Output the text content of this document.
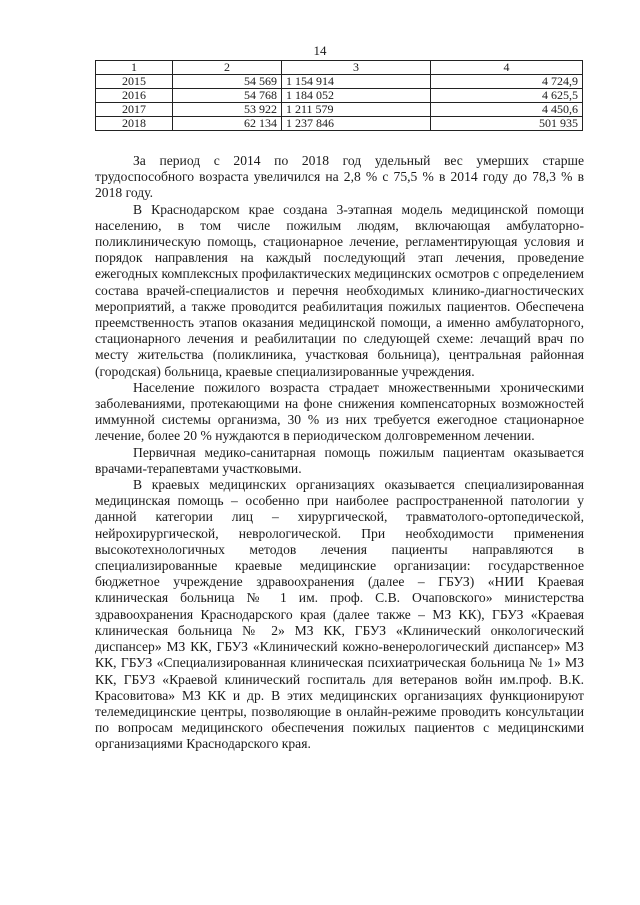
14
1	2	3	4
2015	54 569	1 154 914	4 724,9
2016	54 768	1 184 052	4 625,5
2017	53 922	1 211 579	4 450,6
2018	62 134	1 237 846	501 935

За период с 2014 по 2018 год удельный вес умерших старше трудоспособного возраста увеличился на 2,8 % с 75,5 % в 2014 году до 78,3 % в 2018 году.

В Краснодарском крае создана 3-этапная модель медицинской помощи населению, в том числе пожилым людям, включающая амбулаторно-поликлиническую помощь, стационарное лечение, регламентирующая условия и порядок направления на каждый последующий этап лечения, проведение ежегодных комплексных профилактических медицинских осмотров с определением состава врачей-специалистов и перечня необходимых клинико-диагностических мероприятий, а также проводится реабилитация пожилых пациентов. Обеспечена преемственность этапов оказания медицинской помощи, а именно амбулаторного, стационарного лечения и реабилитации по следующей схеме: лечащий врач по месту жительства (поликлиника, участковая больница), центральная районная (городская) больница, краевые специализированные учреждения.

Население пожилого возраста страдает множественными хроническими заболеваниями, протекающими на фоне снижения компенсаторных возможностей иммунной системы организма, 30 % из них требуется ежегодное стационарное лечение, более 20 % нуждаются в периодическом долговременном лечении.

Первичная медико-санитарная помощь пожилым пациентам оказывается врачами-терапевтами участковыми.

В краевых медицинских организациях оказывается специализированная медицинская помощь – особенно при наиболее распространенной патологии у данной категории лиц – хирургической, травматолого-ортопедической, нейрохирургической, неврологической. При необходимости применения высокотехнологичных методов лечения пациенты направляются в специализированные краевые медицинские организации: государственное бюджетное учреждение здравоохранения (далее – ГБУЗ) «НИИ Краевая клиническая больница № 1 им. проф. С.В. Очаповского» министерства здравоохранения Краснодарского края (далее также – МЗ КК), ГБУЗ «Краевая клиническая больница № 2» МЗ КК, ГБУЗ «Клинический онкологический диспансер» МЗ КК, ГБУЗ «Клинический кожно-венерологический диспансер» МЗ КК, ГБУЗ «Специализированная клиническая психиатрическая больница № 1» МЗ КК, ГБУЗ «Краевой клинический госпиталь для ветеранов войн им.проф. В.К. Красовитова» МЗ КК и др. В этих медицинских организациях функционируют телемедицинские центры, позволяющие в онлайн-режиме проводить консультации по вопросам медицинского обеспечения пожилых пациентов с медицинскими организациями Краснодарского края.
